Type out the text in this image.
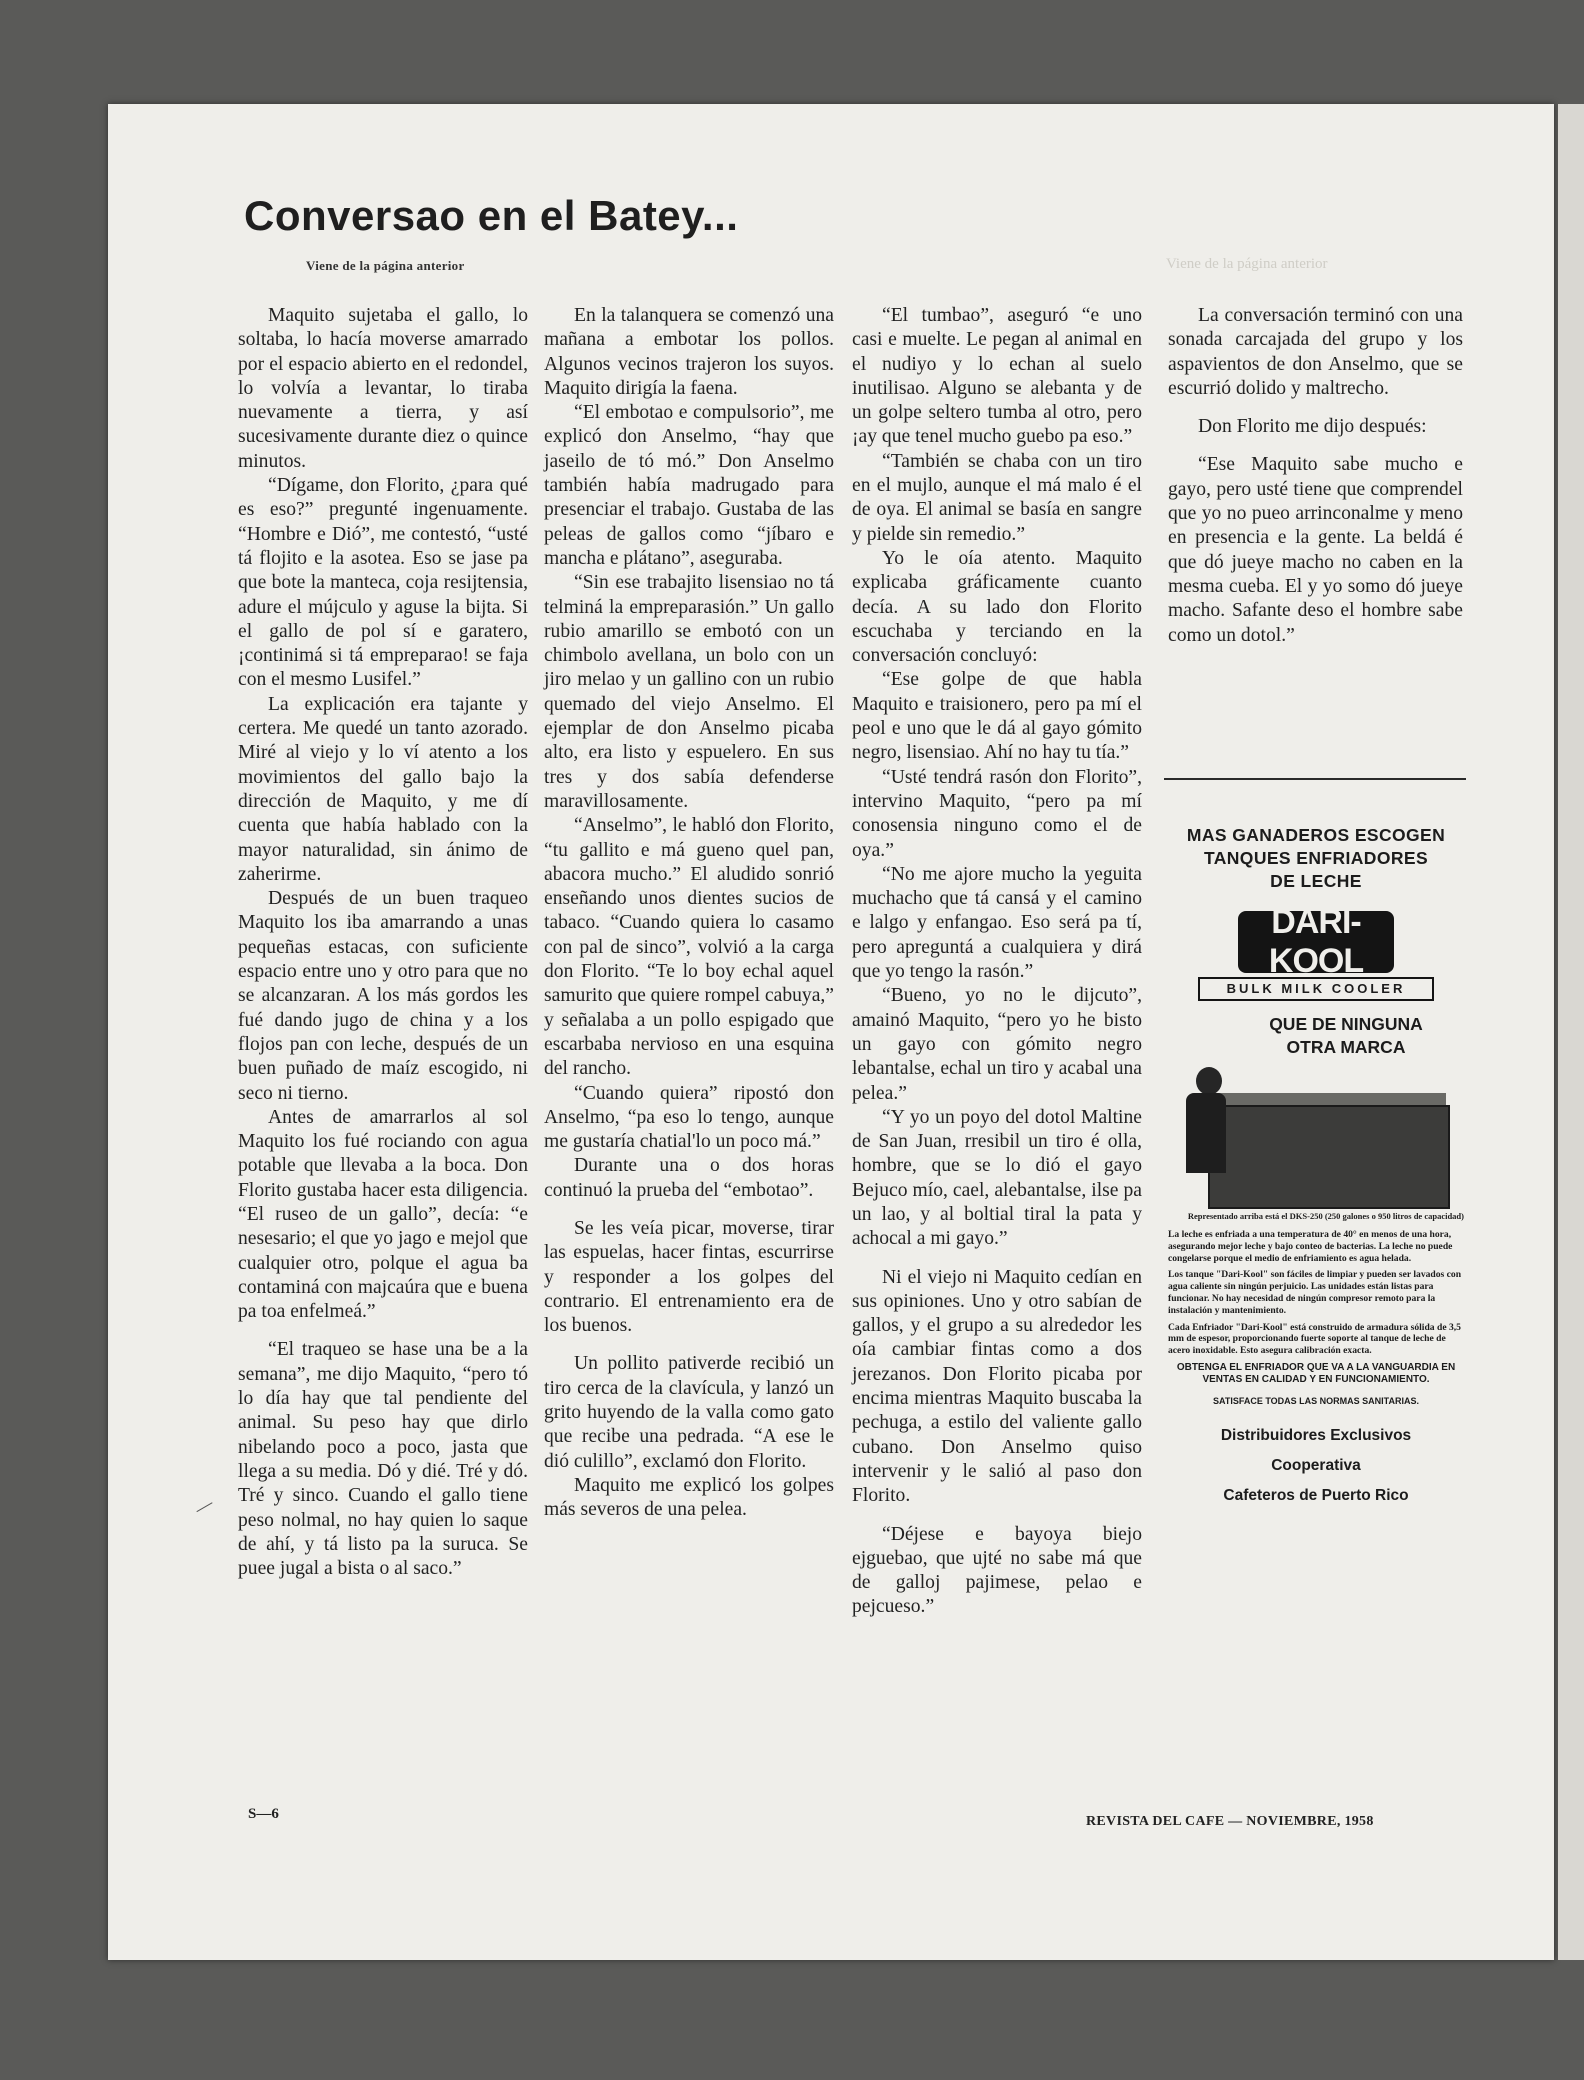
Conversao en el Batey...
Viene de la página anterior	Viene de la página anterior

Maquito sujetaba el gallo, lo soltaba, lo hacía moverse amarrado por el espacio abierto en el redondel, lo volvía a levantar, lo tiraba nuevamente a tierra, y así sucesivamente durante diez o quince minutos.

“Dígame, don Florito, ¿para qué es eso?” pregunté ingenuamente. “Hombre e Dió”, me contestó, “usté tá flojito e la asotea. Eso se jase pa que bote la manteca, coja resijtensia, adure el mújculo y aguse la bijta. Si el gallo de pol sí e garatero, ¡continimá si tá empreparao! se faja con el mesmo Lusifel.”

La explicación era tajante y certera. Me quedé un tanto azorado. Miré al viejo y lo ví atento a los movimientos del gallo bajo la dirección de Maquito, y me dí cuenta que había hablado con la mayor naturalidad, sin ánimo de zaherirme.

Después de un buen traqueo Maquito los iba amarrando a unas pequeñas estacas, con suficiente espacio entre uno y otro para que no se alcanzaran. A los más gordos les fué dando jugo de china y a los flojos pan con leche, después de un buen puñado de maíz escogido, ni seco ni tierno.

Antes de amarrarlos al sol Maquito los fué rociando con agua potable que llevaba a la boca. Don Florito gustaba hacer esta diligencia. “El ruseo de un gallo”, decía: “e nesesario; el que yo jago e mejol que cualquier otro, polque el agua ba contaminá con majcaúra que e buena pa toa enfelmeá.”

“El traqueo se hase una be a la semana”, me dijo Maquito, “pero tó lo día hay que tal pendiente del animal. Su peso hay que dirlo nibelando poco a poco, jasta que llega a su media. Dó y dié. Tré y dó. Tré y sinco. Cuando el gallo tiene peso nolmal, no hay quien lo saque de ahí, y tá listo pa la suruca. Se puee jugal a bista o al saco.”

En la talanquera se comenzó una mañana a embotar los pollos. Algunos vecinos trajeron los suyos. Maquito dirigía la faena.

“El embotao e compulsorio”, me explicó don Anselmo, “hay que jaseilo de tó mó.” Don Anselmo también había madrugado para presenciar el trabajo. Gustaba de las peleas de gallos como “jíbaro e mancha e plátano”, aseguraba.

“Sin ese trabajito lisensiao no tá telminá la empreparasión.” Un gallo rubio amarillo se embotó con un chimbolo avellana, un bolo con un jiro melao y un gallino con un rubio quemado del viejo Anselmo. El ejemplar de don Anselmo picaba alto, era listo y espuelero. En sus tres y dos sabía defenderse maravillosamente.

“Anselmo”, le habló don Florito, “tu gallito e má gueno quel pan, abacora mucho.” El aludido sonrió enseñando unos dientes sucios de tabaco. “Cuando quiera lo casamo con pal de sinco”, volvió a la carga don Florito. “Te lo boy echal aquel samurito que quiere rompel cabuya,” y señalaba a un pollo espigado que escarbaba nervioso en una esquina del rancho.

“Cuando quiera” ripostó don Anselmo, “pa eso lo tengo, aunque me gustaría chatial'lo un poco má.”

Durante una o dos horas continuó la prueba del “embotao”.

Se les veía picar, moverse, tirar las espuelas, hacer fintas, escurrirse y responder a los golpes del contrario. El entrenamiento era de los buenos.

Un pollito pativerde recibió un tiro cerca de la clavícula, y lanzó un grito huyendo de la valla como gato que recibe una pedrada. “A ese le dió culillo”, exclamó don Florito.

Maquito me explicó los golpes más severos de una pelea.

“El tumbao”, aseguró “e uno casi e muelte. Le pegan al animal en el nudiyo y lo echan al suelo inutilisao. Alguno se alebanta y de un golpe seltero tumba al otro, pero ¡ay que tenel mucho guebo pa eso.”

“También se chaba con un tiro en el mujlo, aunque el má malo é el de oya. El animal se basía en sangre y pielde sin remedio.”

Yo le oía atento. Maquito explicaba gráficamente cuanto decía. A su lado don Florito escuchaba y terciando en la conversación concluyó:

“Ese golpe de que habla Maquito e traisionero, pero pa mí el peol e uno que le dá al gayo gómito negro, lisensiao. Ahí no hay tu tía.”

“Usté tendrá rasón don Florito”, intervino Maquito, “pero pa mí conosensia ninguno como el de oya.”

“No me ajore mucho la yeguita muchacho que tá cansá y el camino e lalgo y enfangao. Eso será pa tí, pero apreguntá a cualquiera y dirá que yo tengo la rasón.”

“Bueno, yo no le dijcuto”, amainó Maquito, “pero yo he bisto un gayo con gómito negro lebantalse, echal un tiro y acabal una pelea.”

“Y yo un poyo del dotol Maltine de San Juan, rresibil un tiro é olla, hombre, que se lo dió el gayo Bejuco mío, cael, alebantalse, ilse pa un lao, y al boltial tiral la pata y achocal a mi gayo.”

Ni el viejo ni Maquito cedían en sus opiniones. Uno y otro sabían de gallos, y el grupo a su alrededor les oía cambiar fintas como a dos jerezanos. Don Florito picaba por encima mientras Maquito buscaba la pechuga, a estilo del valiente gallo cubano. Don Anselmo quiso intervenir y le salió al paso don Florito.

“Déjese e bayoya biejo ejguebao, que ujté no sabe má que de galloj pajimese, pelao e pejcueso.”

La conversación terminó con una sonada carcajada del grupo y los aspavientos de don Anselmo, que se escurrió dolido y maltrecho.

Don Florito me dijo después:

“Ese Maquito sabe mucho e gayo, pero usté tiene que comprendel que yo no pueo arrinconalme y meno en presencia e la gente. La beldá é que dó jueye macho no caben en la mesma cueba. El y yo somo dó jueye macho. Safante deso el hombre sabe como un dotol.”

MAS GANADEROS ESCOGEN
TANQUES ENFRIADORES
DE LECHE
DARI-KOOL
BULK MILK COOLER
QUE DE NINGUNA
OTRA MARCA
Representado arriba está el DKS-250 (250 galones o 950 litros de capacidad)

La leche es enfriada a una temperatura de 40° en menos de una hora, asegurando mejor leche y bajo conteo de bacterias. La leche no puede congelarse porque el medio de enfriamiento es agua helada.

Los tanque "Dari-Kool" son fáciles de limpiar y pueden ser lavados con agua caliente sin ningún perjuicio. Las unidades están listas para funcionar. No hay necesidad de ningún compresor remoto para la instalación y mantenimiento.

Cada Enfriador "Dari-Kool" está construido de armadura sólida de 3,5 mm de espesor, proporcionando fuerte soporte al tanque de leche de acero inoxidable. Esto asegura calibración exacta.

OBTENGA EL ENFRIADOR QUE VA A LA VANGUARDIA EN VENTAS EN CALIDAD Y EN FUNCIONAMIENTO.
SATISFACE TODAS LAS NORMAS SANITARIAS.
Distribuidores Exclusivos
Cooperativa
Cafeteros de Puerto Rico
S—6	REVISTA DEL CAFE — NOVIEMBRE, 1958
